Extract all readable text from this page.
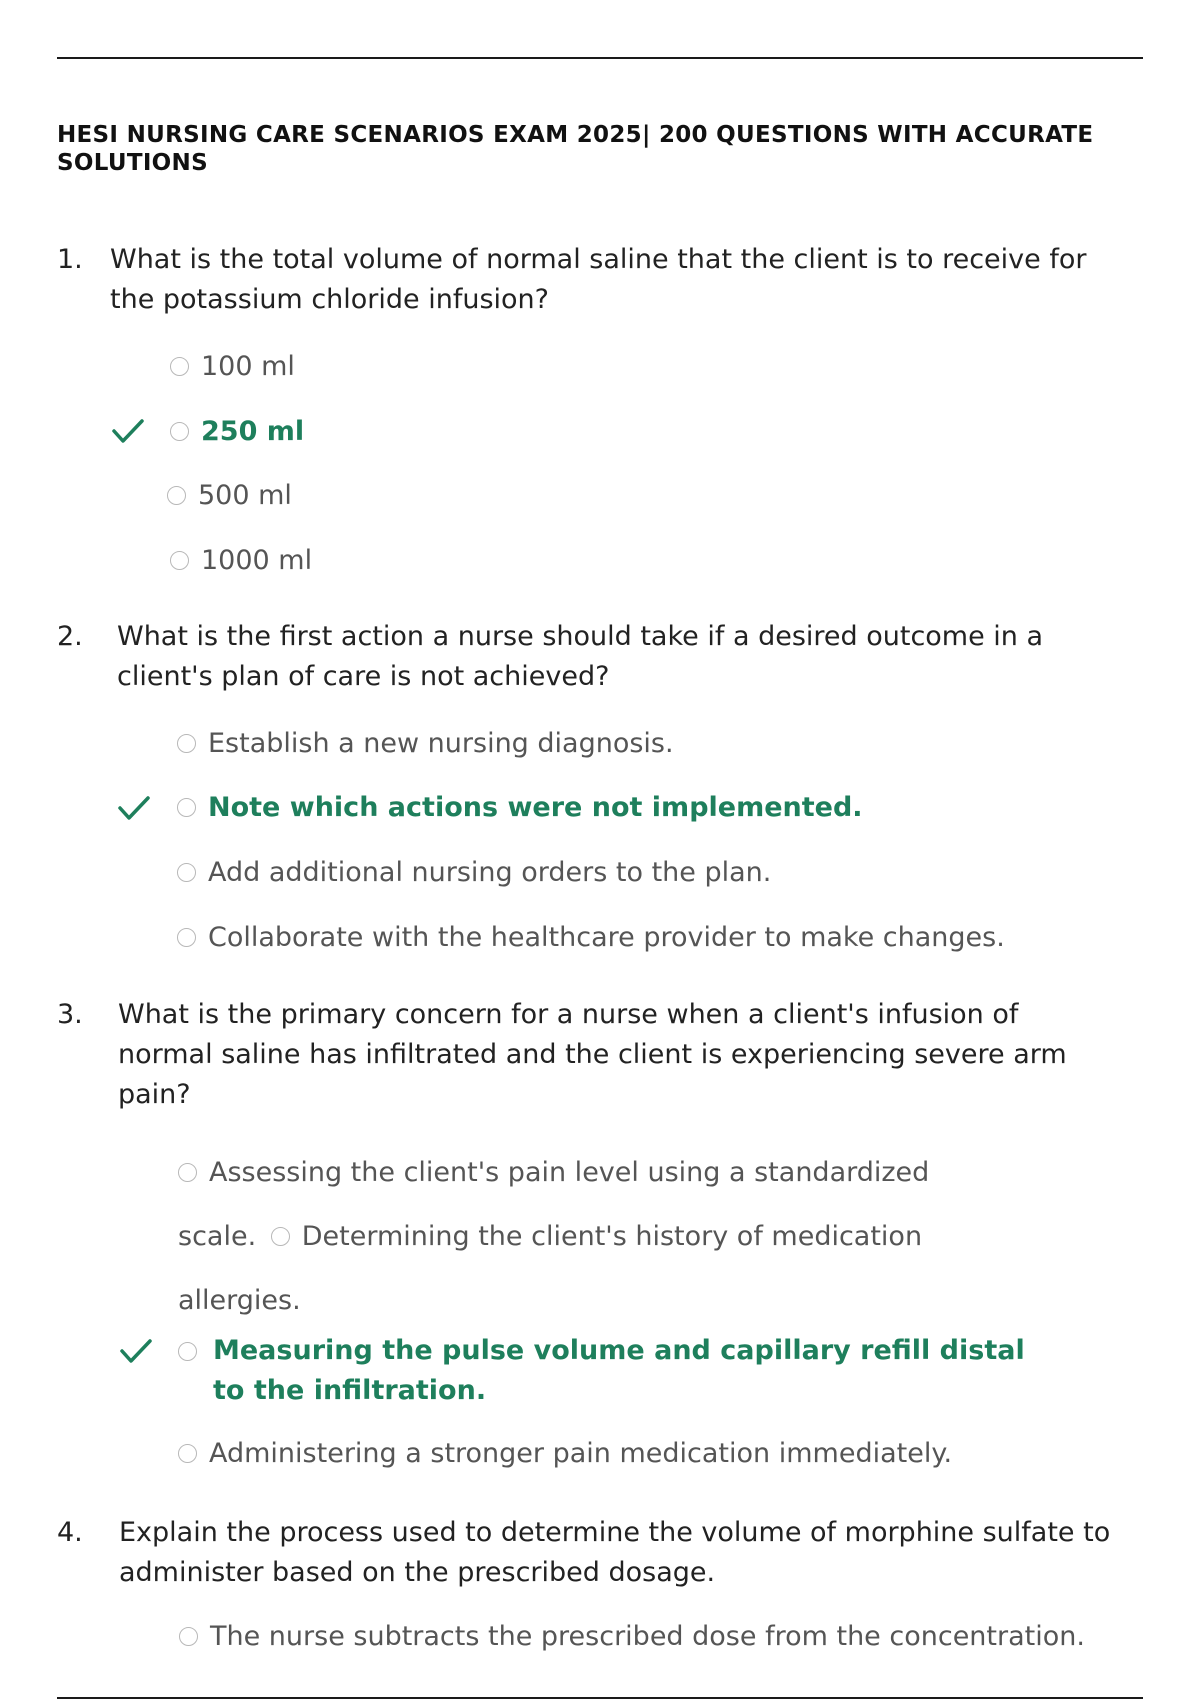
HESI NURSING CARE SCENARIOS EXAM 2025| 200 QUESTIONS WITH ACCURATE SOLUTIONS
1. What is the total volume of normal saline that the client is to receive for the potassium chloride infusion?
100 ml
250 ml
500 ml
1000 ml
2. What is the first action a nurse should take if a desired outcome in a client's plan of care is not achieved?
Establish a new nursing diagnosis.
Note which actions were not implemented.
Add additional nursing orders to the plan.
Collaborate with the healthcare provider to make changes.
3. What is the primary concern for a nurse when a client's infusion of normal saline has infiltrated and the client is experiencing severe arm pain?
Assessing the client's pain level using a standardized scale. Determining the client's history of medication allergies.
Measuring the pulse volume and capillary refill distal to the infiltration.
Administering a stronger pain medication immediately.
4. Explain the process used to determine the volume of morphine sulfate to administer based on the prescribed dosage.
The nurse subtracts the prescribed dose from the concentration.
